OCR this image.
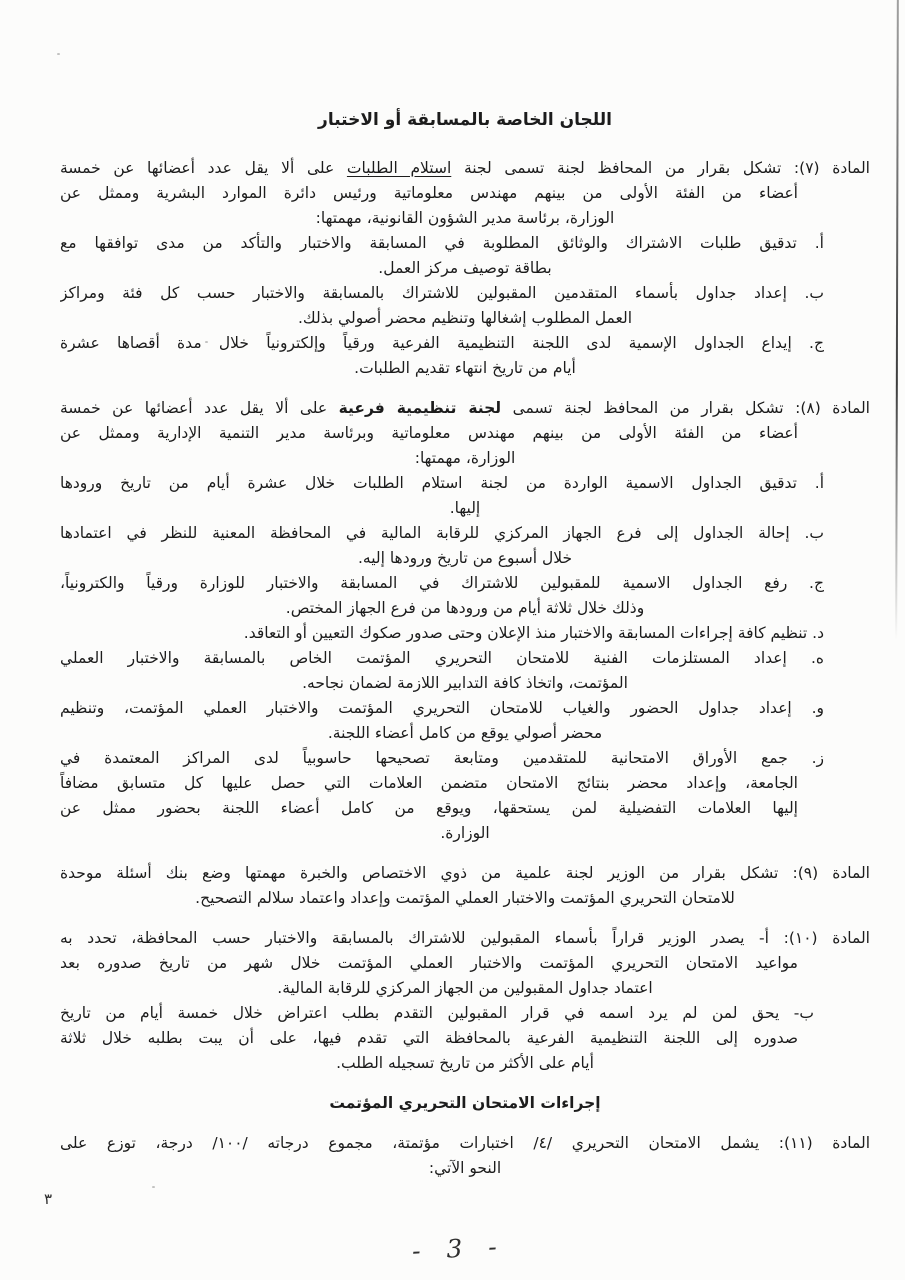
اللجان الخاصة بالمسابقة أو الاختبار
المادة (٧): تشكل بقرار من المحافظ لجنة تسمى لجنة استلام الطلبات على ألا يقل عدد أعضائها عن خمسة
أعضاء من الفئة الأولى من بينهم مهندس معلوماتية ورئيس دائرة الموارد البشرية وممثل عن
الوزارة، برئاسة مدير الشؤون القانونية، مهمتها:
أ. تدقيق طلبات الاشتراك والوثائق المطلوبة في المسابقة والاختبار والتأكد من مدى توافقها مع
بطاقة توصيف مركز العمل.
ب. إعداد جداول بأسماء المتقدمين المقبولين للاشتراك بالمسابقة والاختبار حسب كل فئة ومراكز
العمل المطلوب إشغالها وتنظيم محضر أصولي بذلك.
ج. إيداع الجداول الإسمية لدى اللجنة التنظيمية الفرعية ورقياً وإلكترونياً خلال مدة أقصاها عشرة
أيام من تاريخ انتهاء تقديم الطلبات.
المادة (٨): تشكل بقرار من المحافظ لجنة تسمى لجنة تنظيمية فرعية على ألا يقل عدد أعضائها عن خمسة
أعضاء من الفئة الأولى من بينهم مهندس معلوماتية وبرئاسة مدير التنمية الإدارية وممثل عن
الوزارة، مهمتها:
أ. تدقيق الجداول الاسمية الواردة من لجنة استلام الطلبات خلال عشرة أيام من تاريخ ورودها
إليها.
ب. إحالة الجداول إلى فرع الجهاز المركزي للرقابة المالية في المحافظة المعنية للنظر في اعتمادها
خلال أسبوع من تاريخ ورودها إليه.
ج. رفع الجداول الاسمية للمقبولين للاشتراك في المسابقة والاختبار للوزارة ورقياً والكترونياً،
وذلك خلال ثلاثة أيام من ورودها من فرع الجهاز المختص.
د. تنظيم كافة إجراءات المسابقة والاختبار منذ الإعلان وحتى صدور صكوك التعيين أو التعاقد.
ه. إعداد المستلزمات الفنية للامتحان التحريري المؤتمت الخاص بالمسابقة والاختبار العملي
المؤتمت، واتخاذ كافة التدابير اللازمة لضمان نجاحه.
و. إعداد جداول الحضور والغياب للامتحان التحريري المؤتمت والاختبار العملي المؤتمت، وتنظيم
محضر أصولي يوقع من كامل أعضاء اللجنة.
ز. جمع الأوراق الامتحانية للمتقدمين ومتابعة تصحيحها حاسوبياً لدى المراكز المعتمدة في
الجامعة، وإعداد محضر بنتائج الامتحان متضمن العلامات التي حصل عليها كل متسابق مضافاً
إليها العلامات التفضيلية لمن يستحقها، ويوقع من كامل أعضاء اللجنة بحضور ممثل عن
الوزارة.
المادة (٩): تشكل بقرار من الوزير لجنة علمية من ذوي الاختصاص والخبرة مهمتها وضع بنك أسئلة موحدة
للامتحان التحريري المؤتمت والاختبار العملي المؤتمت وإعداد واعتماد سلالم التصحيح.
المادة (١٠): أ- يصدر الوزير قراراً بأسماء المقبولين للاشتراك بالمسابقة والاختبار حسب المحافظة، تحدد به
مواعيد الامتحان التحريري المؤتمت والاختبار العملي المؤتمت خلال شهر من تاريخ صدوره بعد
اعتماد جداول المقبولين من الجهاز المركزي للرقابة المالية.
ب- يحق لمن لم يرد اسمه في قرار المقبولين التقدم بطلب اعتراض خلال خمسة أيام من تاريخ
صدوره إلى اللجنة التنظيمية الفرعية بالمحافظة التي تقدم فيها، على أن يبت بطلبه خلال ثلاثة
أيام على الأكثر من تاريخ تسجيله الطلب.
إجراءات الامتحان التحريري المؤتمت
المادة (١١): يشمل الامتحان التحريري /٤/ اختبارات مؤتمتة، مجموع درجاته /١٠٠/ درجة، توزع على
النحو الآتي:
٣
- 3 -
